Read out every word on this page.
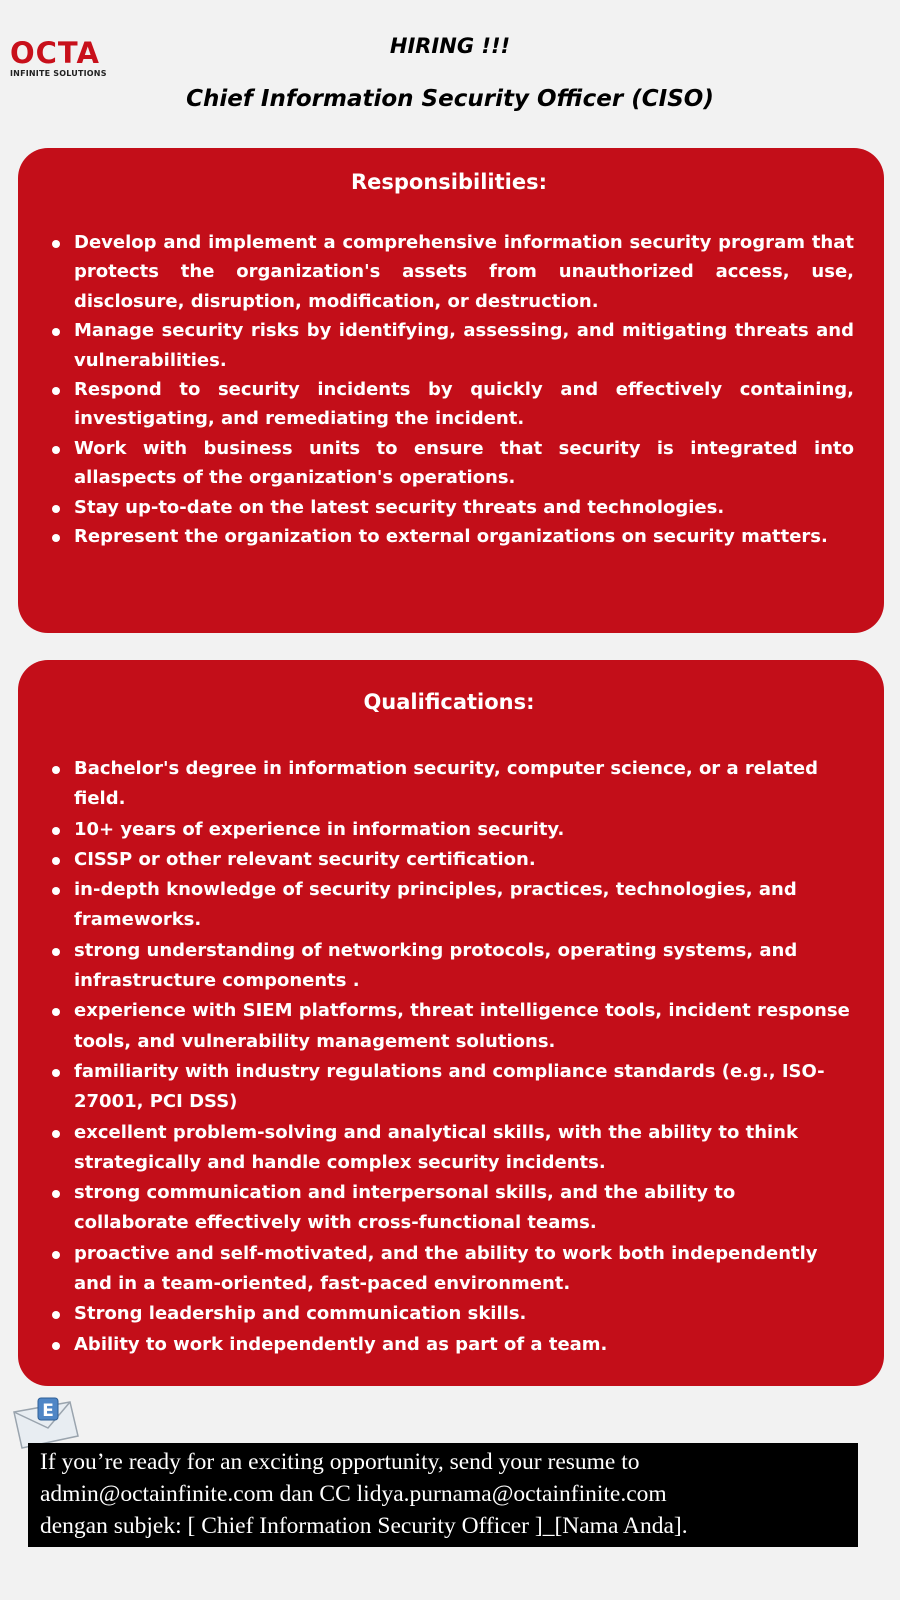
OCTA
INFINITE SOLUTIONS
HIRING !!!
Chief Information Security Officer (CISO)
Responsibilities:
Develop and implement a comprehensive information security program that protects the organization's assets from unauthorized access, use, disclosure, disruption, modification, or destruction.
Manage security risks by identifying, assessing, and mitigating threats and vulnerabilities.
Respond to security incidents by quickly and effectively containing, investigating, and remediating the incident.
Work with business units to ensure that security is integrated into allaspects of the organization's operations.
Stay up-to-date on the latest security threats and technologies.
Represent the organization to external organizations on security matters.
Qualifications:
Bachelor's degree in information security, computer science, or a related field.
10+ years of experience in information security.
CISSP or other relevant security certification.
in-depth knowledge of security principles, practices, technologies, and frameworks.
strong understanding of networking protocols, operating systems, and infrastructure components .
experience with SIEM platforms, threat intelligence tools, incident response tools, and vulnerability management solutions.
familiarity with industry regulations and compliance standards (e.g., ISO-27001, PCI DSS)
excellent problem-solving and analytical skills, with the ability to think strategically and handle complex security incidents.
strong communication and interpersonal skills, and the ability to collaborate effectively with cross-functional teams.
proactive and self-motivated, and the ability to work both independently and in a team-oriented, fast-paced environment.
Strong leadership and communication skills.
Ability to work independently and as part of a team.
E
If you’re ready for an exciting opportunity, send your resume to
admin@octainfinite.com dan CC lidya.purnama@octainfinite.com
dengan subjek: [ Chief Information Security Officer ]_[Nama Anda].
